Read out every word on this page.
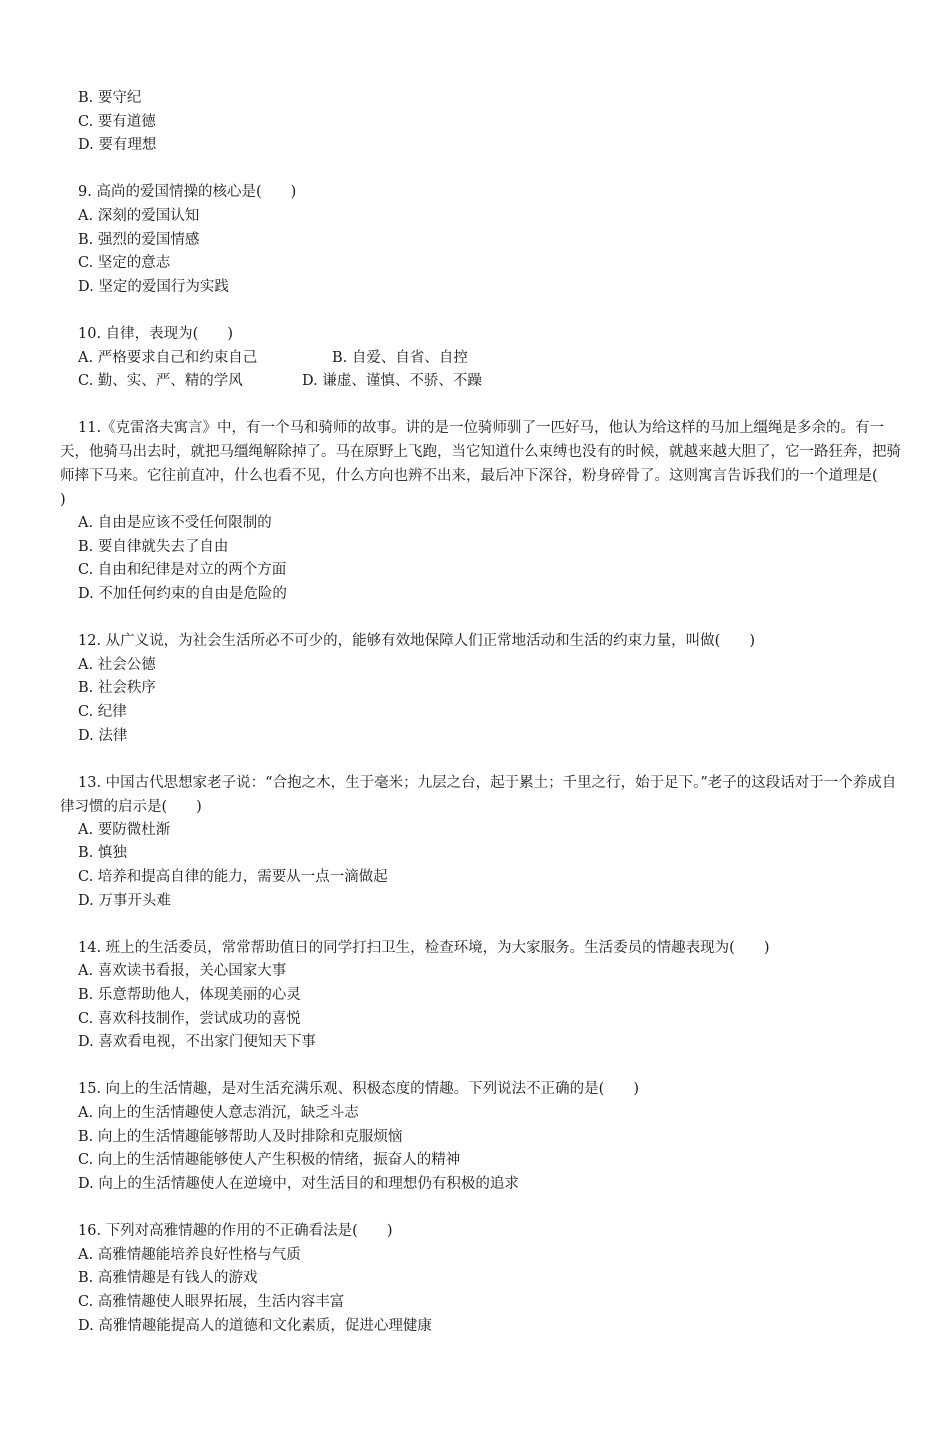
B. 要守纪
C. 要有道德
D. 要有理想
9. 高尚的爱国情操的核心是(　　)
A. 深刻的爱国认知
B. 强烈的爱国情感
C. 坚定的意志
D. 坚定的爱国行为实践
10. 自律，表现为(　　)
A. 严格要求自己和约束自己	B. 自爱、自省、自控
C. 勤、实、严、精的学风	D. 谦虚、谨慎、不骄、不躁
11.《克雷洛夫寓言》中，有一个马和骑师的故事。讲的是一位骑师驯了一匹好马，他认为给这样的马加上缰绳是多余的。有一天，他骑马出去时，就把马缰绳解除掉了。马在原野上飞跑，当它知道什么束缚也没有的时候，就越来越大胆了，它一路狂奔，把骑师摔下马来。它往前直冲，什么也看不见，什么方向也辨不出来，最后冲下深谷，粉身碎骨了。这则寓言告诉我们的一个道理是(　　)
A. 自由是应该不受任何限制的
B. 要自律就失去了自由
C. 自由和纪律是对立的两个方面
D. 不加任何约束的自由是危险的
12. 从广义说，为社会生活所必不可少的，能够有效地保障人们正常地活动和生活的约束力量，叫做(　　)
A. 社会公德
B. 社会秩序
C. 纪律
D. 法律
13. 中国古代思想家老子说：“合抱之木，生于毫米；九层之台，起于累土；千里之行，始于足下。”老子的这段话对于一个养成自律习惯的启示是(　　)
A. 要防微杜渐
B. 慎独
C. 培养和提高自律的能力，需要从一点一滴做起
D. 万事开头难
14. 班上的生活委员，常常帮助值日的同学打扫卫生，检查环境，为大家服务。生活委员的情趣表现为(　　)
A. 喜欢读书看报，关心国家大事
B. 乐意帮助他人，体现美丽的心灵
C. 喜欢科技制作，尝试成功的喜悦
D. 喜欢看电视，不出家门便知天下事
15. 向上的生活情趣，是对生活充满乐观、积极态度的情趣。下列说法不正确的是(　　)
A. 向上的生活情趣使人意志消沉，缺乏斗志
B. 向上的生活情趣能够帮助人及时排除和克服烦恼
C. 向上的生活情趣能够使人产生积极的情绪，振奋人的精神
D. 向上的生活情趣使人在逆境中，对生活目的和理想仍有积极的追求
16. 下列对高雅情趣的作用的不正确看法是(　　)
A. 高雅情趣能培养良好性格与气质
B. 高雅情趣是有钱人的游戏
C. 高雅情趣使人眼界拓展，生活内容丰富
D. 高雅情趣能提高人的道德和文化素质，促进心理健康
